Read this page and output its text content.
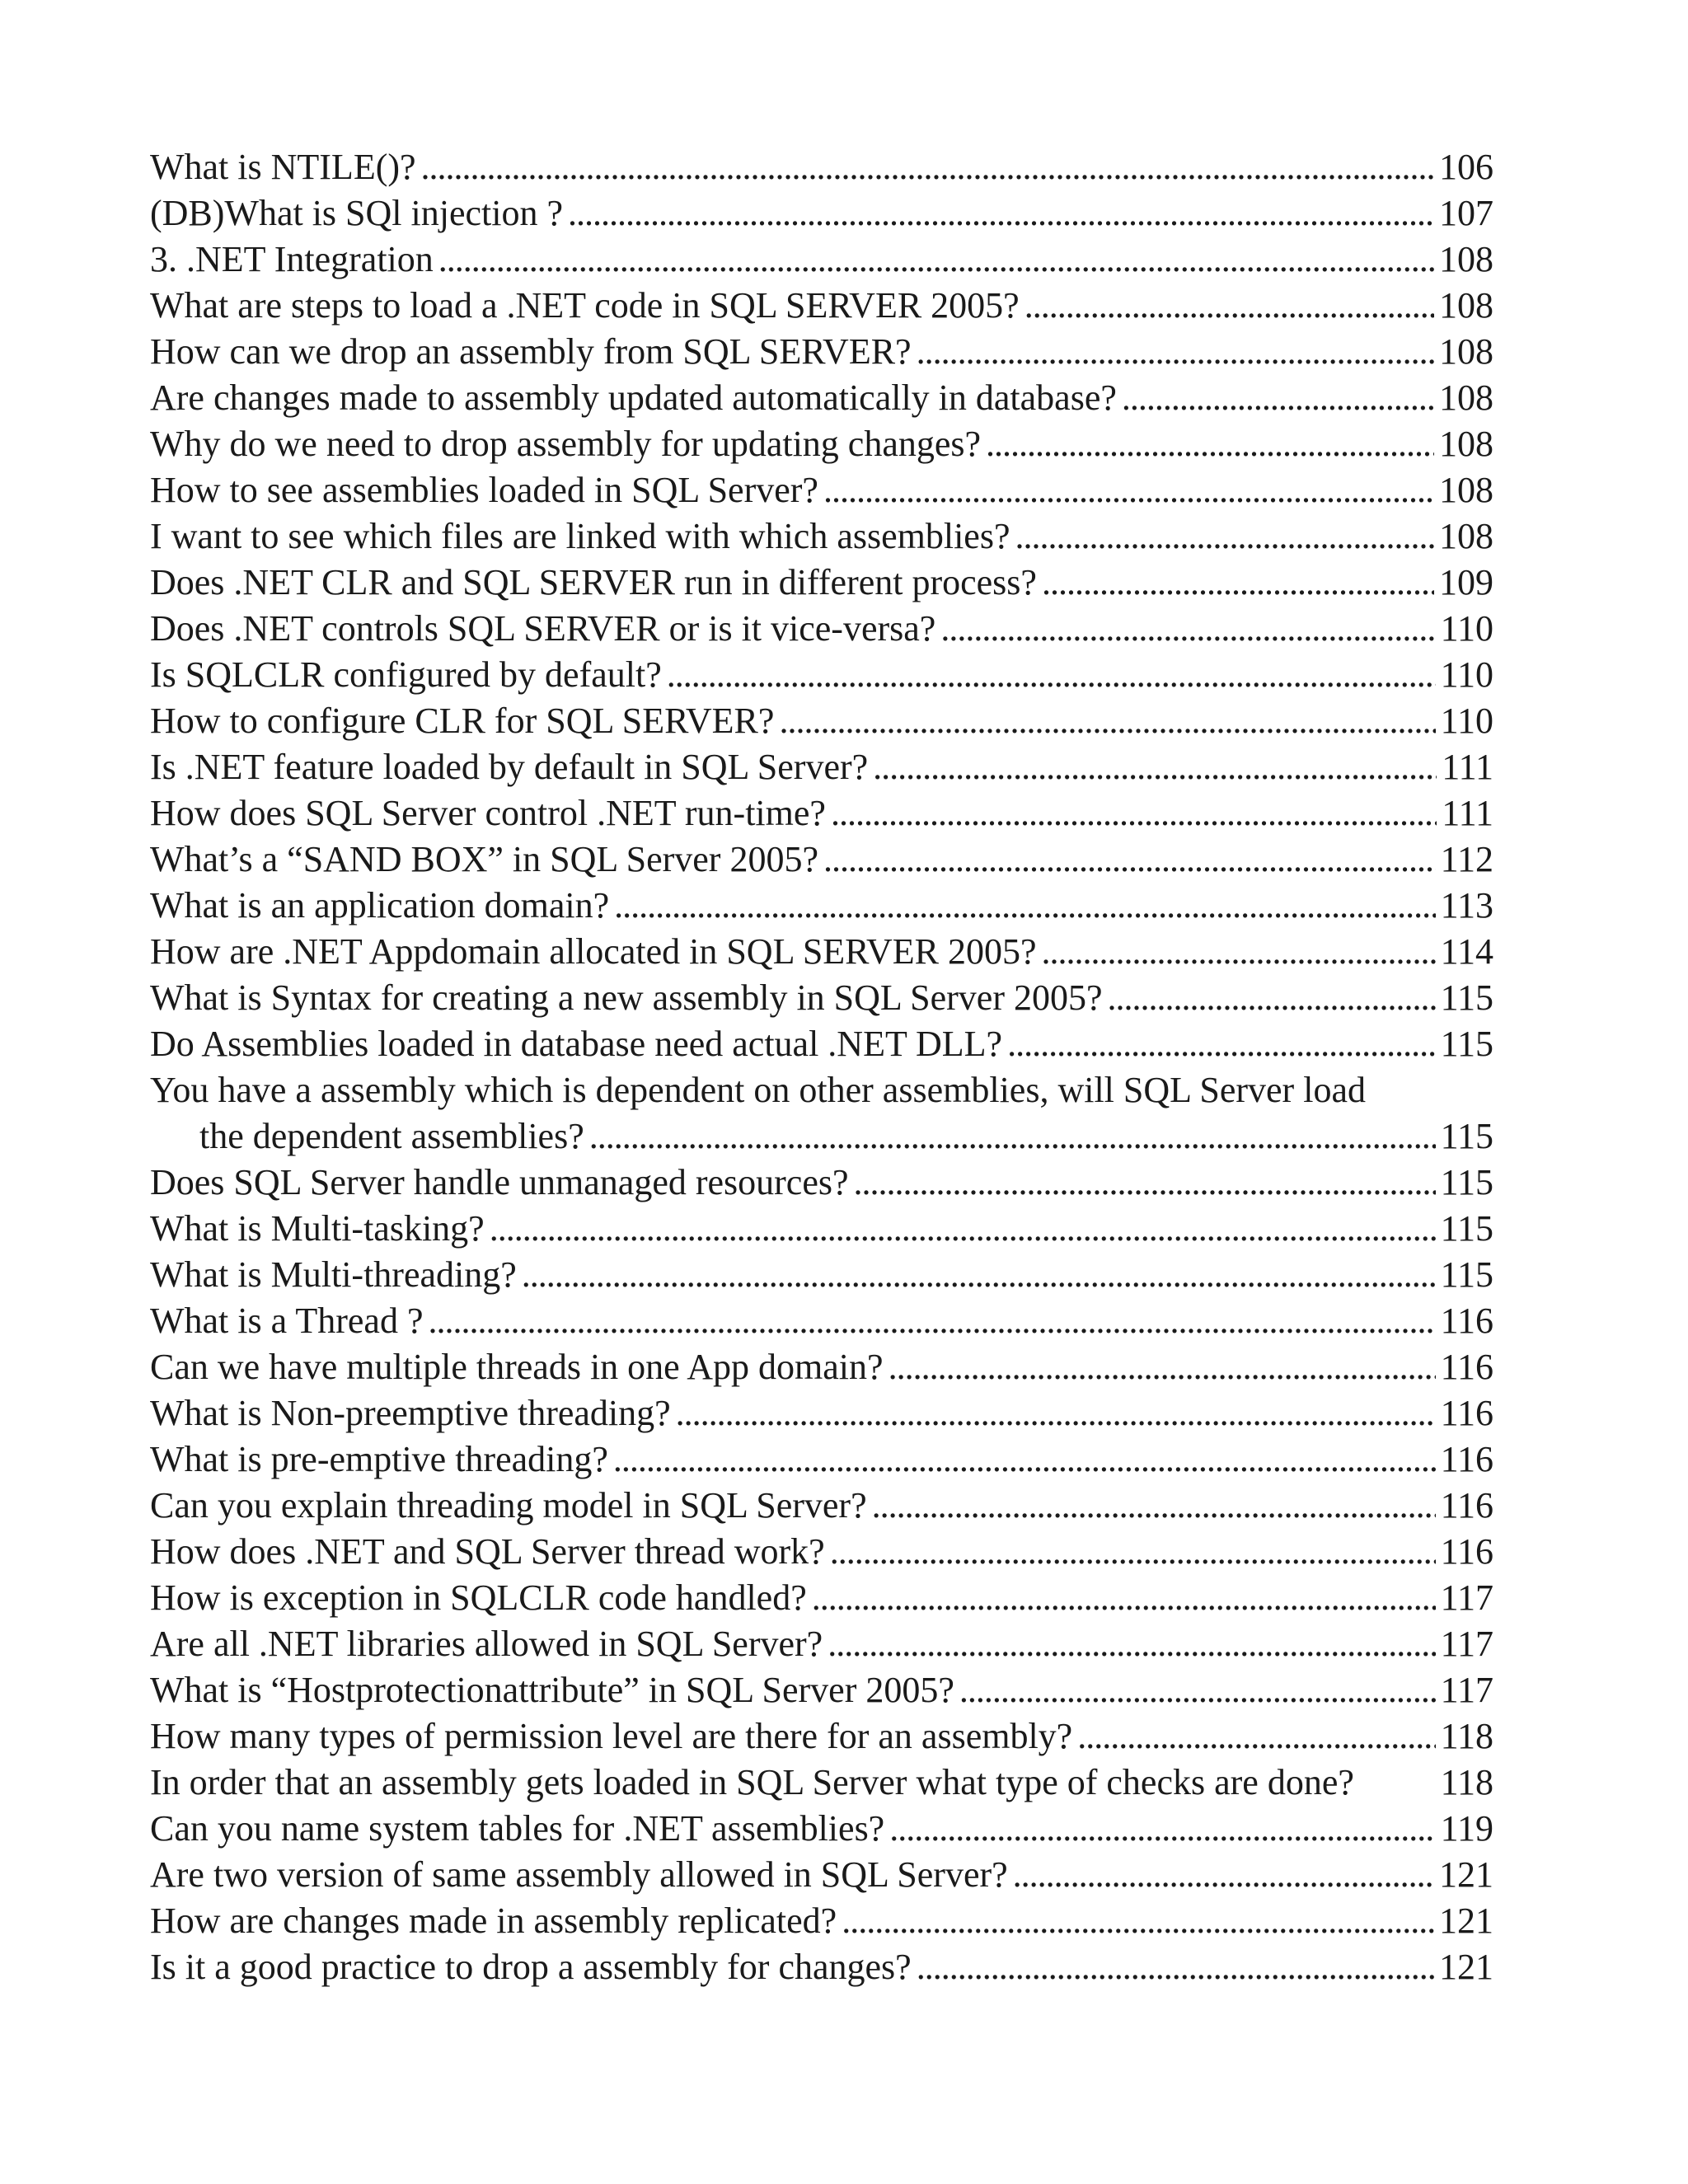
What is NTILE()? . . .	106
(DB)What is SQl injection ? . . .	107
3. .NET Integration . . .	108
What are steps to load a .NET code in SQL SERVER 2005? . . .	108
How can we drop an assembly from SQL SERVER? . . .	108
Are changes made to assembly updated automatically in database? . . .	108
Why do we need to drop assembly for updating changes? . . .	108
How to see assemblies loaded in SQL Server? . . .	108
I want to see which files are linked with which assemblies? . . .	108
Does .NET CLR and SQL SERVER run in different process? . . .	109
Does .NET controls SQL SERVER or is it vice-versa? . . .	110
Is SQLCLR configured by default? . . .	110
How to configure CLR for SQL SERVER? . . .	110
Is .NET feature loaded by default in SQL Server? . . .	111
How does SQL Server control .NET run-time? . . .	111
What’s a “SAND BOX” in SQL Server 2005? . . .	112
What is an application domain? . . .	113
How are .NET Appdomain allocated in SQL SERVER 2005? . . .	114
What is Syntax for creating a new assembly in SQL Server 2005? . . .	115
Do Assemblies loaded in database need actual .NET DLL? . . .	115
You have a assembly which is dependent on other assemblies, will SQL Server load
the dependent assemblies? . . .	115
Does SQL Server handle unmanaged resources? . . .	115
What is Multi-tasking? . . .	115
What is Multi-threading? . . .	115
What is a Thread ? . . .	116
Can we have multiple threads in one App domain? . . .	116
What is Non-preemptive threading? . . .	116
What is pre-emptive threading? . . .	116
Can you explain threading model in SQL Server? . . .	116
How does .NET and SQL Server thread work? . . .	116
How is exception in SQLCLR code handled? . . .	117
Are all .NET libraries allowed in SQL Server? . . .	117
What is “Hostprotectionattribute” in SQL Server 2005? . . .	117
How many types of permission level are there for an assembly? . . .	118
In order that an assembly gets loaded in SQL Server what type of checks are done? 118
Can you name system tables for .NET assemblies? . . .	119
Are two version of same assembly allowed in SQL Server? . . .	121
How are changes made in assembly replicated? . . .	121
Is it a good practice to drop a assembly for changes? . . .	121
